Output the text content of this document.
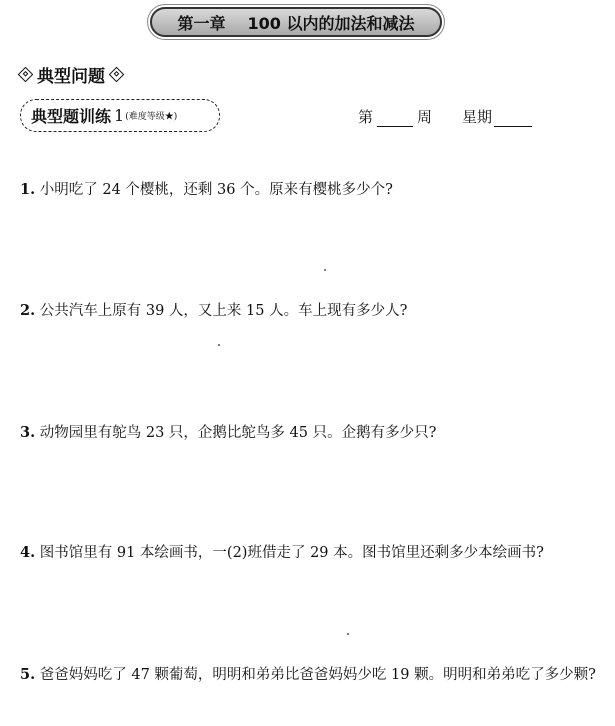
第一章 100 以内的加法和减法
典型问题
典型题训练 1 (难度等级★)	第	周 星期
1. 小明吃了 24 个樱桃，还剩 36 个。原来有樱桃多少个?
2. 公共汽车上原有 39 人，又上来 15 人。车上现有多少人?
3. 动物园里有鸵鸟 23 只，企鹅比鸵鸟多 45 只。企鹅有多少只?
4. 图书馆里有 91 本绘画书，一(2)班借走了 29 本。图书馆里还剩多少本绘画书?
5. 爸爸妈妈吃了 47 颗葡萄，明明和弟弟比爸爸妈妈少吃 19 颗。明明和弟弟吃了多少颗?
